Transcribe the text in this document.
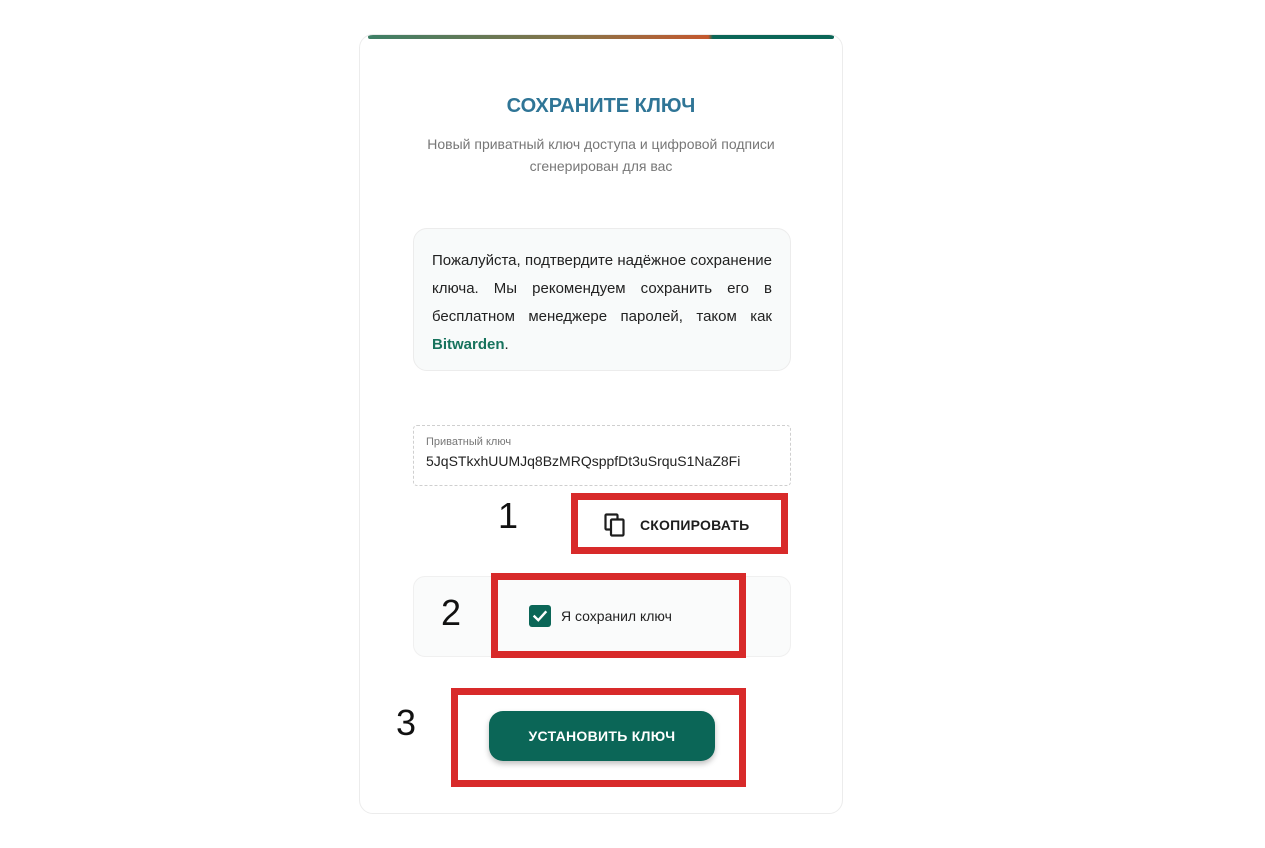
СОХРАНИТЕ КЛЮЧ
Новый приватный ключ доступа и цифровой подписи сгенерирован для вас
Пожалуйста, подтвердите надёжное сохранение ключа. Мы рекомендуем сохранить его в бесплатном менеджере паролей, таком как Bitwarden.
Приватный ключ
5JqSTkxhUUMJq8BzMRQsppfDt3uSrquS1NaZ8Fi
СКОПИРОВАТЬ
Я сохранил ключ
УСТАНОВИТЬ КЛЮЧ
1
2
3
